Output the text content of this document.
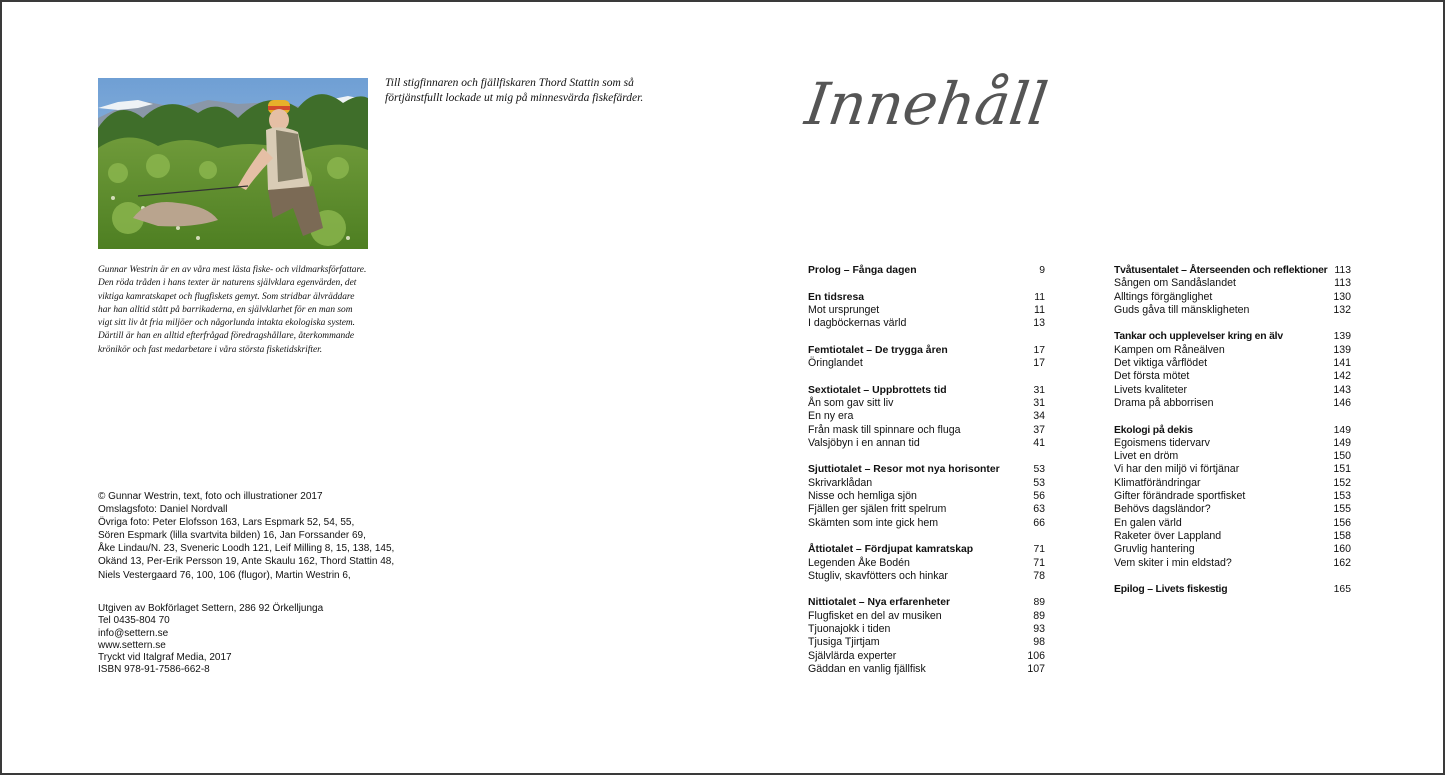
Till stigfinnaren och fjällfiskaren Thord Stattin som så förtjänstfullt lockade ut mig på minnesvärda fiskefärder.
Gunnar Westrin är en av våra mest lästa fiske- och vildmarksförfattare. Den röda tråden i hans texter är naturens självklara egenvärden, det viktiga kamratskapet och flugfiskets gemyt. Som stridbar älvräddare har han alltid stått på barrikaderna, en självklarhet för en man som vigt sitt liv åt fria miljöer och någorlunda intakta ekologiska system. Därtill är han en alltid efterfrågad föredragshållare, återkommande krönikör och fast medarbetare i våra största fisketidskrifter.
© Gunnar Westrin, text, foto och illustrationer 2017
Omslagsfoto: Daniel Nordvall
Övriga foto: Peter Elofsson 163, Lars Espmark 52, 54, 55,
Sören Espmark (lilla svartvita bilden) 16, Jan Forssander 69,
Åke Lindau/N. 23, Sveneric Loodh 121, Leif Milling 8, 15, 138, 145,
Okänd 13, Per-Erik Persson 19, Ante Skaulu 162, Thord Stattin 48,
Niels Vestergaard 76, 100, 106 (flugor), Martin Westrin 6,
Utgiven av Bokförlaget Settern, 286 92 Örkelljunga
Tel 0435-804 70
info@settern.se
www.settern.se
Tryckt vid Italgraf Media, 2017
ISBN 978-91-7586-662-8
Innehåll
Prolog – Fånga dagen	9
En tidsresa	11
Mot ursprunget	11
I dagböckernas värld	13
Femtiotalet – De trygga åren	17
Öringlandet	17
Sextiotalet – Uppbrottets tid	31
Ån som gav sitt liv	31
En ny era	34
Från mask till spinnare och fluga	37
Valsjöbyn i en annan tid	41
Sjuttiotalet – Resor mot nya horisonter	53
Skrivarklådan	53
Nisse och hemliga sjön	56
Fjällen ger själen fritt spelrum	63
Skämten som inte gick hem	66
Åttiotalet – Fördjupat kamratskap	71
Legenden Åke Bodén	71
Stugliv, skavfötters och hinkar	78
Nittiotalet – Nya erfarenheter	89
Flugfisket en del av musiken	89
Tjuonajokk i tiden	93
Tjusiga Tjirtjam	98
Självlärda experter	106
Gäddan en vanlig fjällfisk	107
Tvåtusentalet – Återseenden och reflektioner 113
Sången om Sandåslandet	113
Alltings förgänglighet	130
Guds gåva till mänskligheten	132
Tankar och upplevelser kring en älv	139
Kampen om Råneälven	139
Det viktiga vårflödet	141
Det första mötet	142
Livets kvaliteter	143
Drama på abborrisen	146
Ekologi på dekis	149
Egoismens tidervarv	149
Livet en dröm	150
Vi har den miljö vi förtjänar	151
Klimatförändringar	152
Gifter förändrade sportfisket	153
Behövs dagsländor?	155
En galen värld	156
Raketer över Lappland	158
Gruvlig hantering	160
Vem skiter i min eldstad?	162
Epilog – Livets fiskestig	165
